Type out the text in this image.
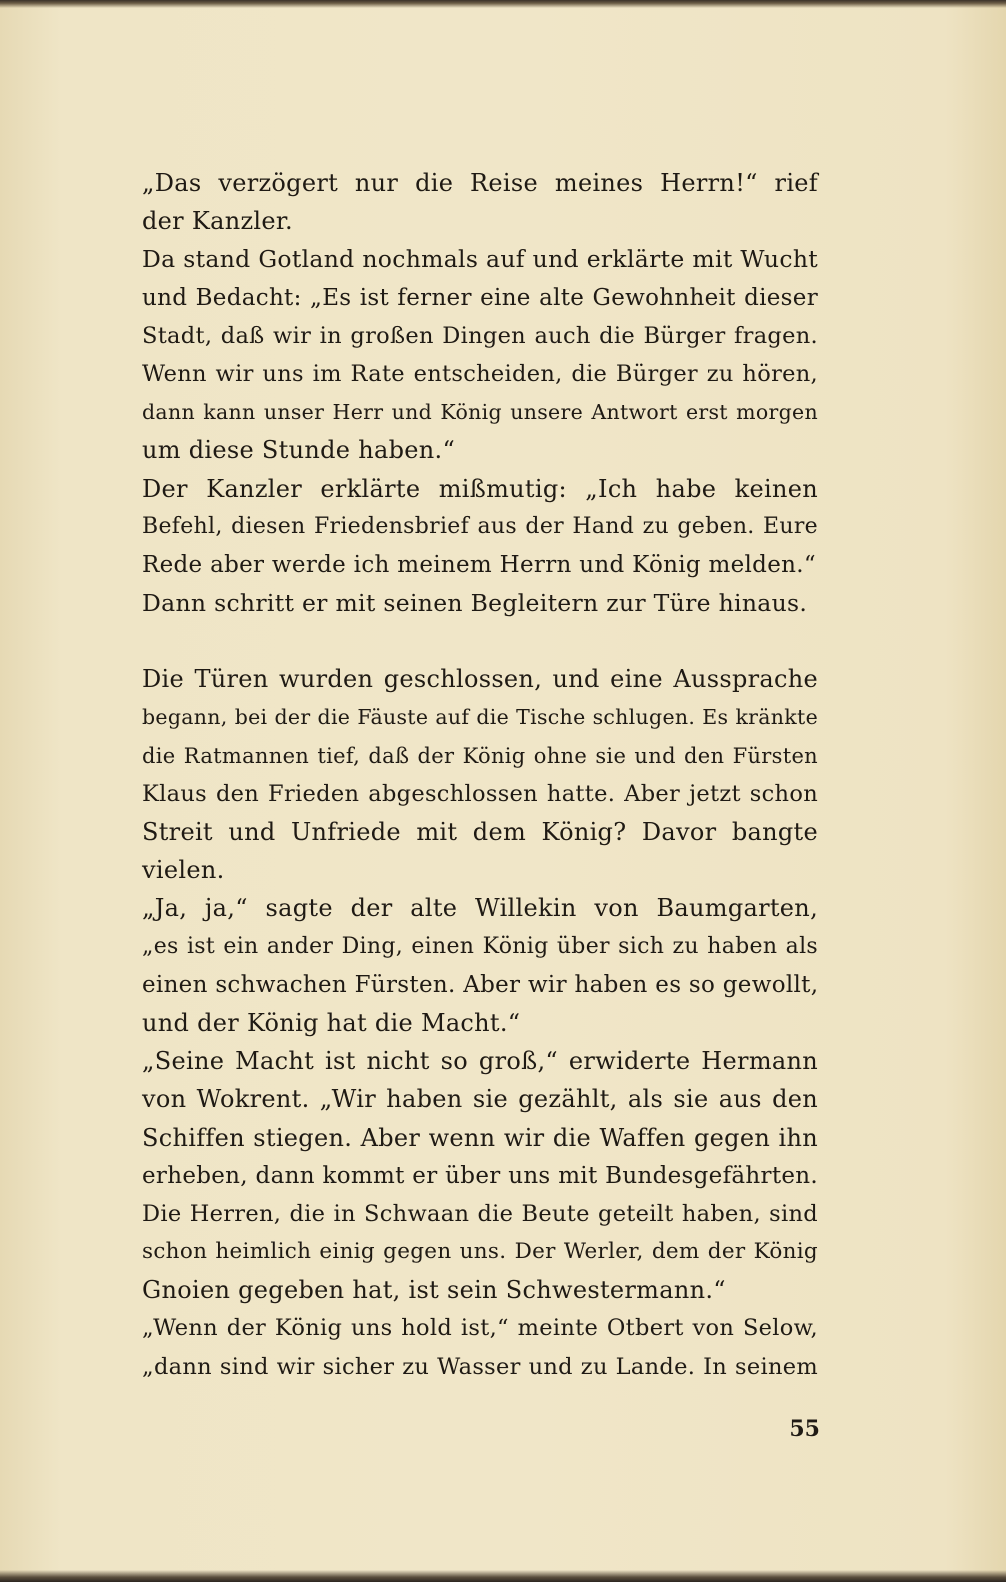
„Das verzögert nur die Reise meines Herrn!“ rief
der Kanzler.
Da stand Gotland nochmals auf und erklärte mit Wucht
und Bedacht: „Es ist ferner eine alte Gewohnheit dieser
Stadt, daß wir in großen Dingen auch die Bürger fragen.
Wenn wir uns im Rate entscheiden, die Bürger zu hören,
dann kann unser Herr und König unsere Antwort erst morgen
um diese Stunde haben.“
Der Kanzler erklärte mißmutig: „Ich habe keinen
Befehl, diesen Friedensbrief aus der Hand zu geben. Eure
Rede aber werde ich meinem Herrn und König melden.“
Dann schritt er mit seinen Begleitern zur Türe hinaus.
Die Türen wurden geschlossen, und eine Aussprache
begann, bei der die Fäuste auf die Tische schlugen. Es kränkte
die Ratmannen tief, daß der König ohne sie und den Fürsten
Klaus den Frieden abgeschlossen hatte. Aber jetzt schon
Streit und Unfriede mit dem König? Davor bangte
vielen.
„Ja, ja,“ sagte der alte Willekin von Baumgarten,
„es ist ein ander Ding, einen König über sich zu haben als
einen schwachen Fürsten. Aber wir haben es so gewollt,
und der König hat die Macht.“
„Seine Macht ist nicht so groß,“ erwiderte Hermann
von Wokrent. „Wir haben sie gezählt, als sie aus den
Schiffen stiegen. Aber wenn wir die Waffen gegen ihn
erheben, dann kommt er über uns mit Bundesgefährten.
Die Herren, die in Schwaan die Beute geteilt haben, sind
schon heimlich einig gegen uns. Der Werler, dem der König
Gnoien gegeben hat, ist sein Schwestermann.“
„Wenn der König uns hold ist,“ meinte Otbert von Selow,
„dann sind wir sicher zu Wasser und zu Lande. In seinem
55
